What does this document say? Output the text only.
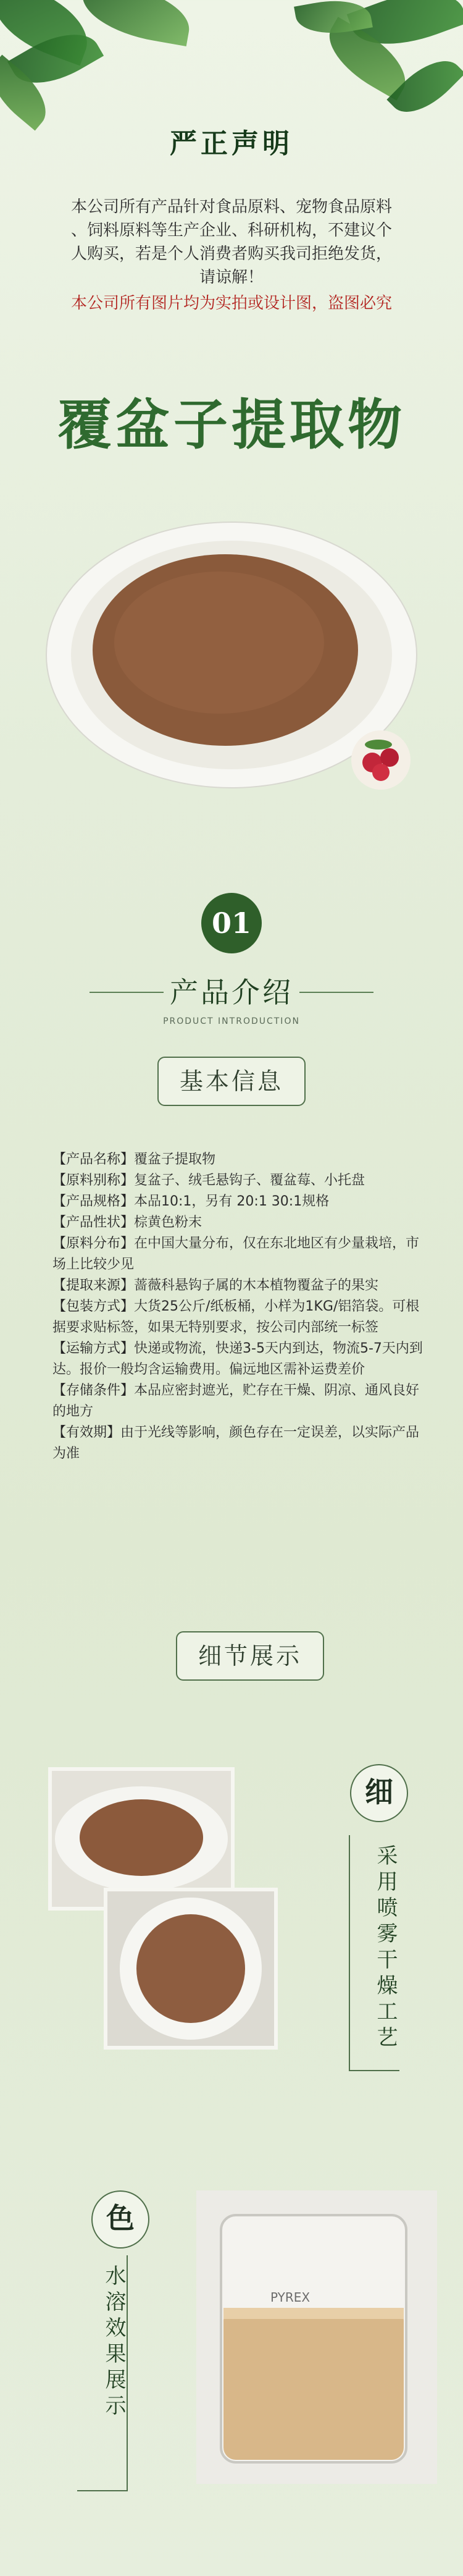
严正声明
本公司所有产品针对食品原料、宠物食品原料
、饲料原料等生产企业、科研机构，不建议个
人购买，若是个人消费者购买我司拒绝发货，
请谅解！
本公司所有图片均为实拍或设计图，盗图必究
覆盆子提取物
01
产品介绍
PRODUCT INTRODUCTION
基本信息
【产品名称】覆盆子提取物
【原料别称】复盆子、绒毛悬钩子、覆盆莓、小托盘
【产品规格】本品10:1，另有 20:1 30:1规格
【产品性状】棕黄色粉末
【原料分布】在中国大量分布，仅在东北地区有少量栽培，市场上比较少见
【提取来源】蔷薇科悬钩子属的木本植物覆盆子的果实
【包装方式】大货25公斤/纸板桶，小样为1KG/铝箔袋。可根据要求贴标签，如果无特别要求，按公司内部统一标签
【运输方式】快递或物流，快递3-5天内到达，物流5-7天内到达。报价一般均含运输费用。偏远地区需补运费差价
【存储条件】本品应密封遮光，贮存在干燥、阴凉、通风良好的地方
【有效期】由于光线等影响，颜色存在一定误差，以实际产品为准
细节展示
细
采用喷雾干燥工艺
色
水溶效果展示	PYREX
